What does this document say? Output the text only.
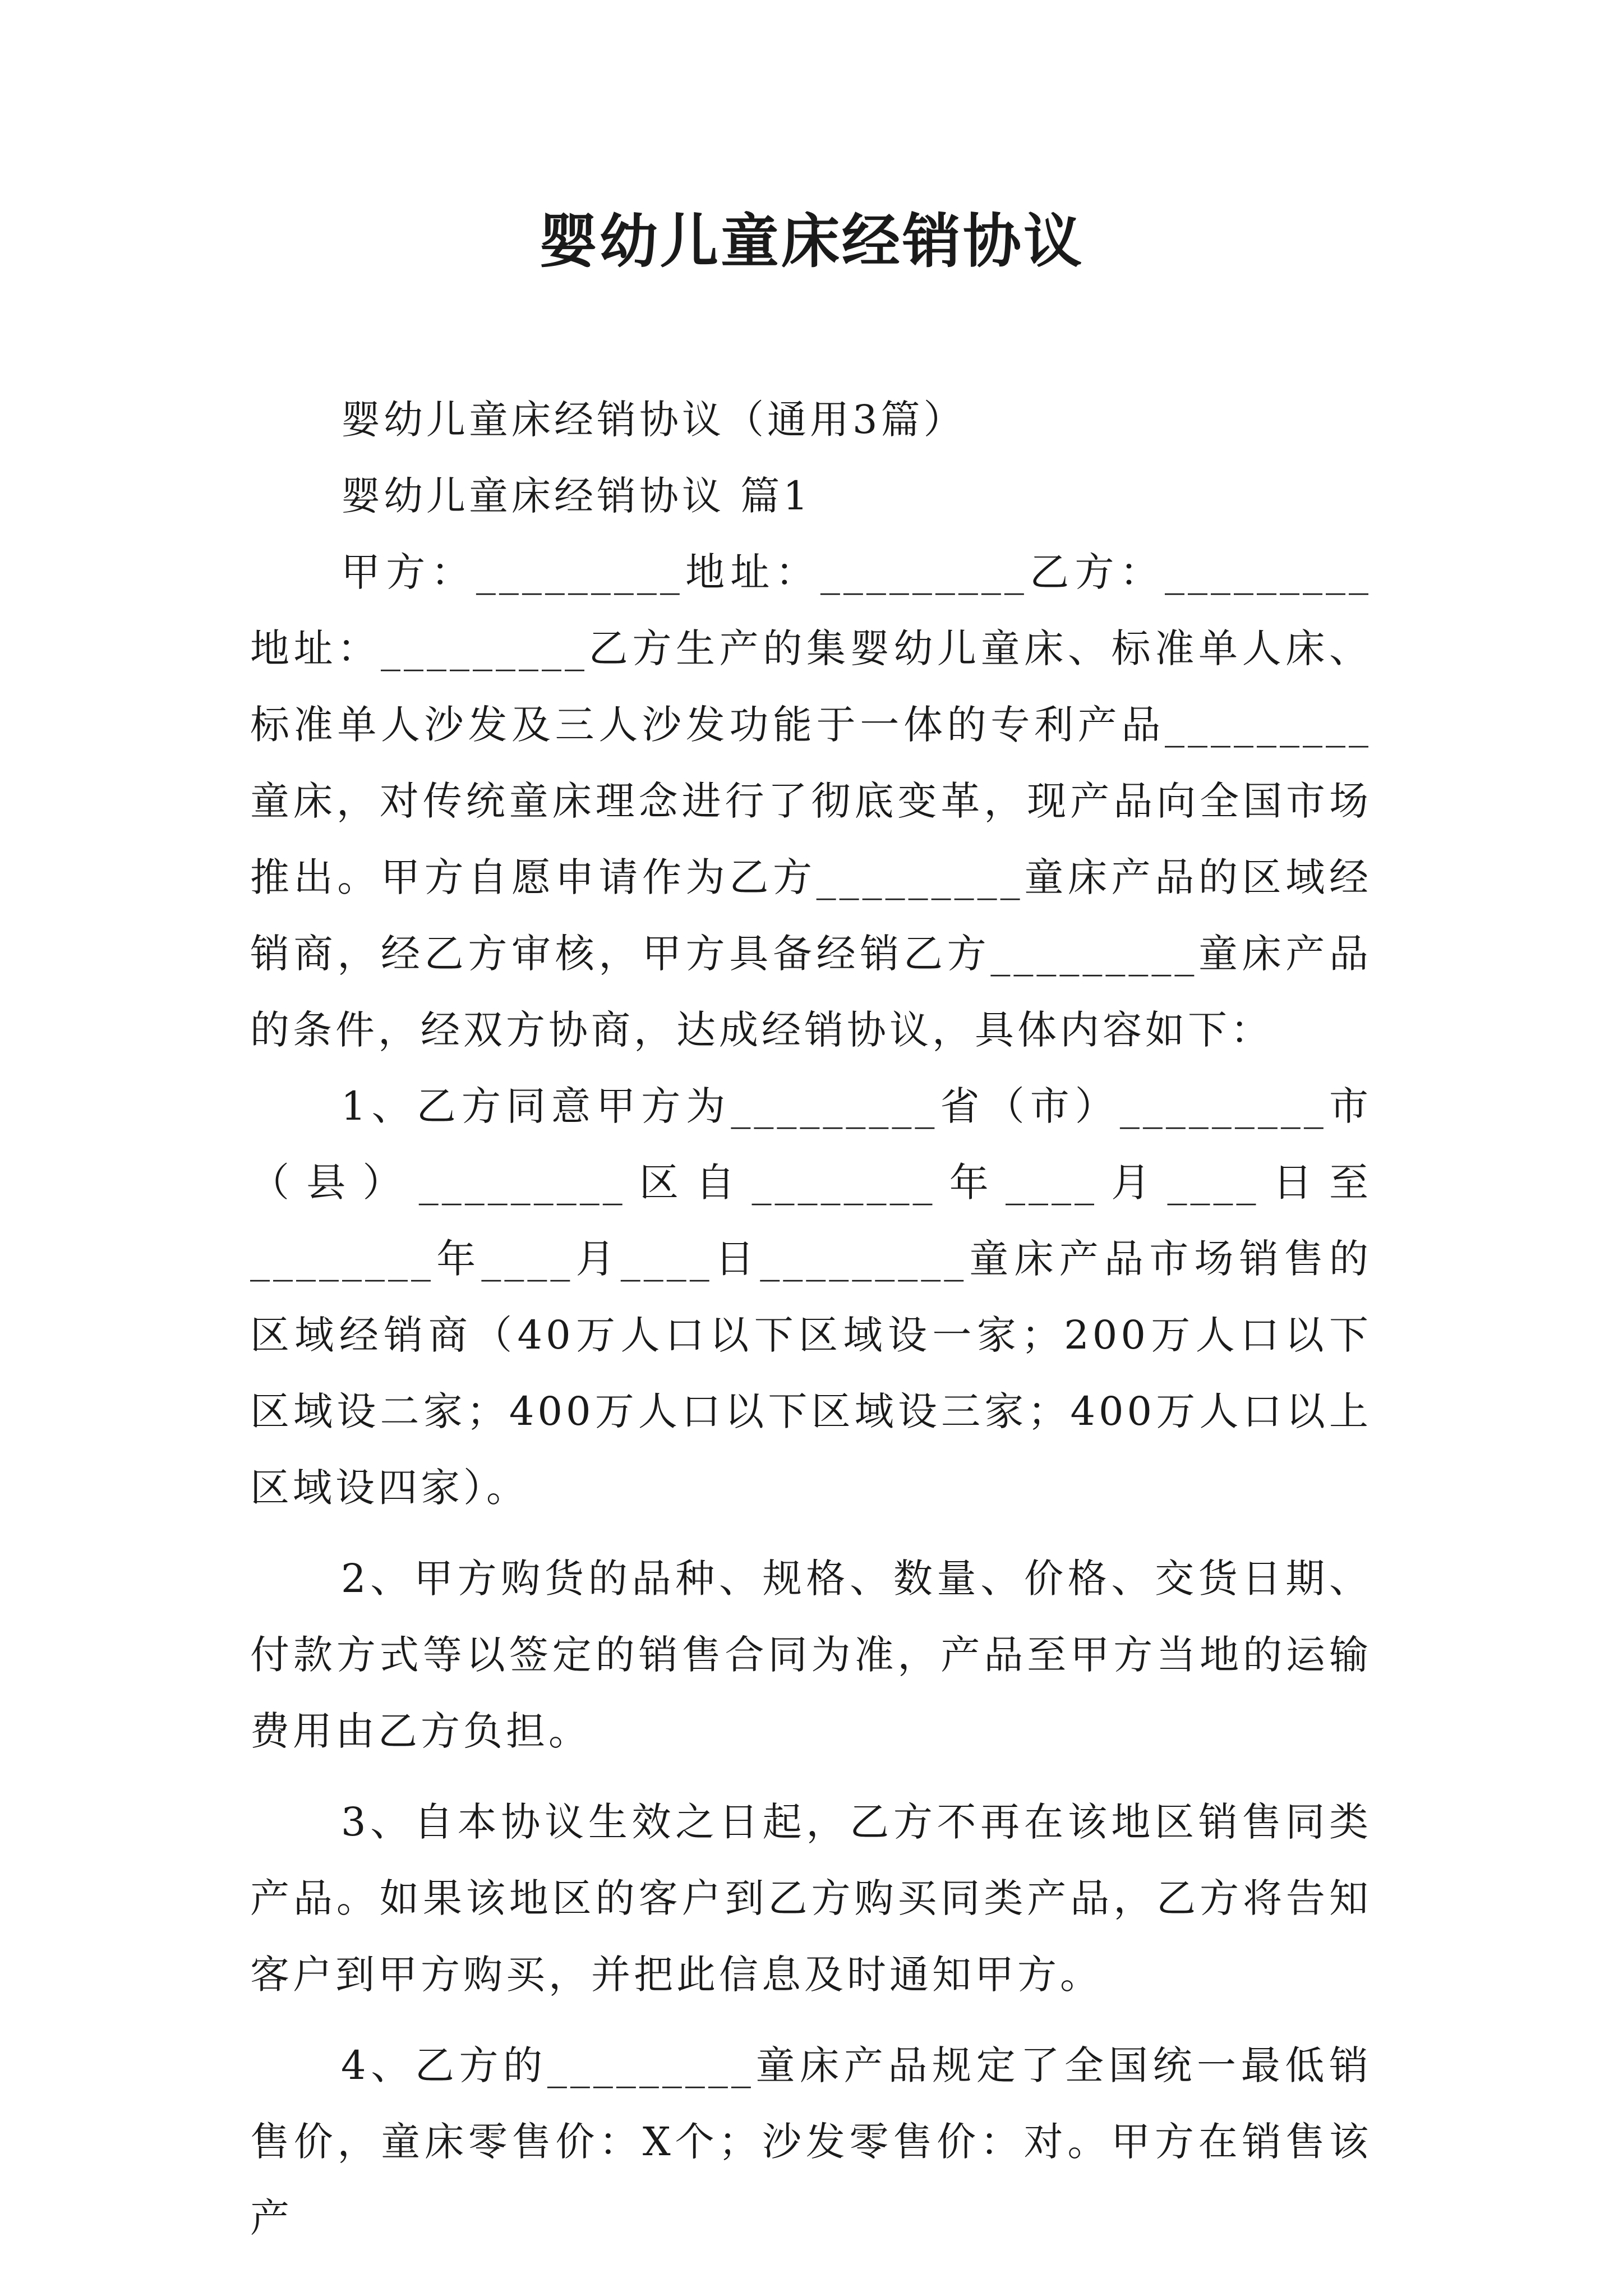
婴幼儿童床经销协议

婴幼儿童床经销协议（通用3篇）

婴幼儿童床经销协议 篇1

甲方：_________地址：_________乙方：_________地址：_________乙方生产的集婴幼儿童床、标准单人床、标准单人沙发及三人沙发功能于一体的专利产品_________童床，对传统童床理念进行了彻底变革，现产品向全国市场推出。甲方自愿申请作为乙方_________童床产品的区域经销商，经乙方审核，甲方具备经销乙方_________童床产品的条件，经双方协商，达成经销协议，具体内容如下：

1、乙方同意甲方为_________省（市）_________市（县）_________区自________年____月____日至________年____月____日_________童床产品市场销售的区域经销商（40万人口以下区域设一家；200万人口以下区域设二家；400万人口以下区域设三家；400万人口以上区域设四家）。

2、甲方购货的品种、规格、数量、价格、交货日期、付款方式等以签定的销售合同为准，产品至甲方当地的运输费用由乙方负担。

3、自本协议生效之日起，乙方不再在该地区销售同类产品。如果该地区的客户到乙方购买同类产品，乙方将告知客户到甲方购买，并把此信息及时通知甲方。

4、乙方的_________童床产品规定了全国统一最低销售价，童床零售价：X个；沙发零售价：对。甲方在销售该产
